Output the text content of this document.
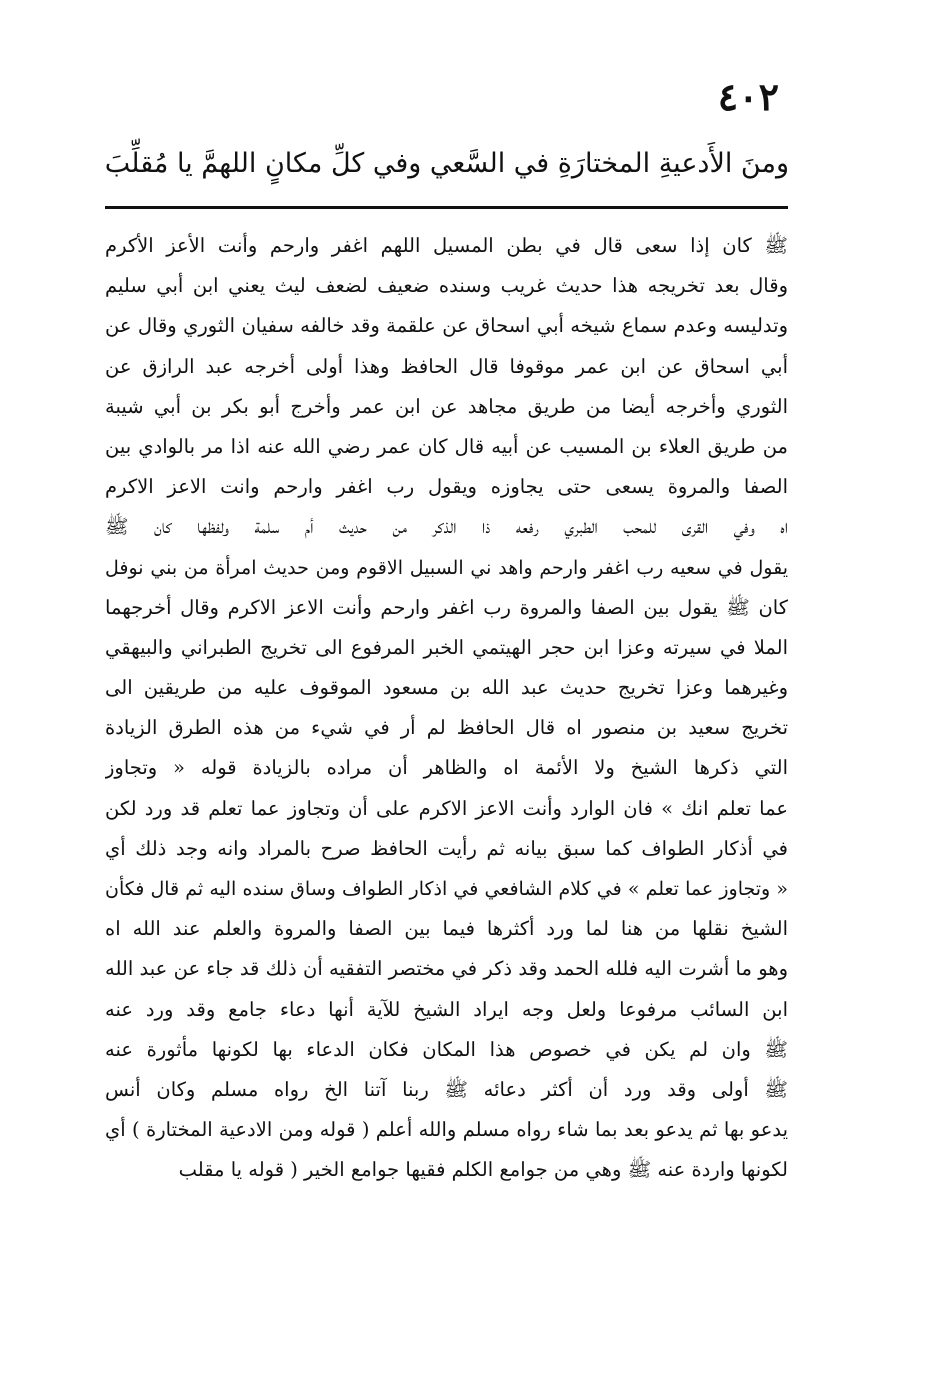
٤٠٢
ومنَ الأَدعيةِ المختارَةِ في السَّعي وفي كلِّ مكانٍ اللهمَّ يا مُقلِّبَ
ﷺ كان إذا سعى قال في بطن المسيل اللهم اغفر وارحم وأنت الأعز الأكرم
وقال بعد تخريجه هذا حديث غريب وسنده ضعيف لضعف ليث يعني ابن أبي سليم
وتدليسه وعدم سماع شيخه أبي اسحاق عن علقمة وقد خالفه سفيان الثوري وقال عن
أبي اسحاق عن ابن عمر موقوفا قال الحافظ وهذا أولى أخرجه عبد الرازق عن
الثوري وأخرجه أيضا من طريق مجاهد عن ابن عمر وأخرج أبو بكر بن أبي شيبة
من طريق العلاء بن المسيب عن أبيه قال كان عمر رضي الله عنه اذا مر بالوادي بين
الصفا والمروة يسعى حتى يجاوزه ويقول رب اغفر وارحم وانت الاعز الاكرم
اه وفي القرى للمحب الطبري رفعه ذا الذكر من حديث أم سلمة ولفظها كان ﷺ
يقول في سعيه رب اغفر وارحم واهد ني السبيل الاقوم ومن حديث امرأة من بني نوفل
كان ﷺ يقول بين الصفا والمروة رب اغفر وارحم وأنت الاعز الاكرم وقال أخرجهما
الملا في سيرته وعزا ابن حجر الهيتمي الخبر المرفوع الى تخريج الطبراني والبيهقي
وغيرهما وعزا تخريج حديث عبد الله بن مسعود الموقوف عليه من طريقين الى
تخريج سعيد بن منصور اه قال الحافظ لم أر في شيء من هذه الطرق الزيادة
التي ذكرها الشيخ ولا الأئمة اه والظاهر أن مراده بالزيادة قوله « وتجاوز
عما تعلم انك » فان الوارد وأنت الاعز الاكرم على أن وتجاوز عما تعلم قد ورد لكن
في أذكار الطواف كما سبق بيانه ثم رأيت الحافظ صرح بالمراد وانه وجد ذلك أي
« وتجاوز عما تعلم » في كلام الشافعي في اذكار الطواف وساق سنده اليه ثم قال فكأن
الشيخ نقلها من هنا لما ورد أكثرها فيما بين الصفا والمروة والعلم عند الله اه
وهو ما أشرت اليه فلله الحمد وقد ذكر في مختصر التفقيه أن ذلك قد جاء عن عبد الله
ابن السائب مرفوعا ولعل وجه ايراد الشيخ للآية أنها دعاء جامع وقد ورد عنه
ﷺ وان لم يكن في خصوص هذا المكان فكان الدعاء بها لكونها مأثورة عنه
ﷺ أولى وقد ورد أن أكثر دعائه ﷺ ربنا آتنا الخ رواه مسلم وكان أنس
يدعو بها ثم يدعو بعد بما شاء رواه مسلم والله أعلم ( قوله ومن الادعية المختارة ) أي
لكونها واردة عنه ﷺ وهي من جوامع الكلم فقيها جوامع الخير ( قوله يا مقلب
